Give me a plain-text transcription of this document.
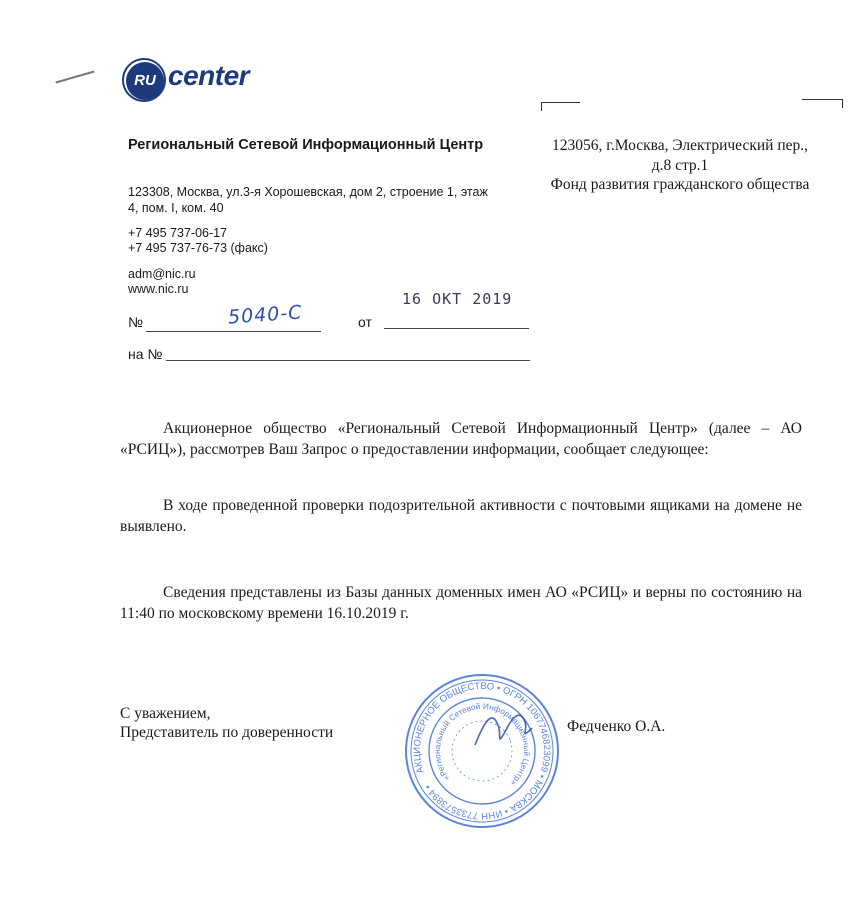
RU center
Региональный Сетевой Информационный Центр
123308, Москва, ул.3-я Хорошевская, дом 2, строение 1, этаж 4, пом. I, ком. 40
+7 495 737-06-17
+7 495 737-76-73 (факс)
adm@nic.ru
www.nic.ru
123056, г.Москва, Электрический пер.,
д.8 стр.1
Фонд развития гражданского общества
№	5040-C	от
16 ОКТ 2019
на №
Акционерное общество «Региональный Сетевой Информационный Центр» (далее – АО «РСИЦ»), рассмотрев Ваш Запрос о предоставлении информации, сообщает следующее:
В ходе проведенной проверки подозрительной активности с почтовыми ящиками на домене не выявлено.
Сведения представлены из Базы данных доменных имен АО «РСИЦ» и верны по состоянию на 11:40 по московскому времени 16.10.2019 г.
С уважением,
Представитель по доверенности	Федченко О.А.
АКЦИОНЕРНОЕ ОБЩЕСТВО • ОГРН 1067746823099 • МОСКВА • ИНН 7733573894 •
«Региональный Сетевой Информационный Центр»
